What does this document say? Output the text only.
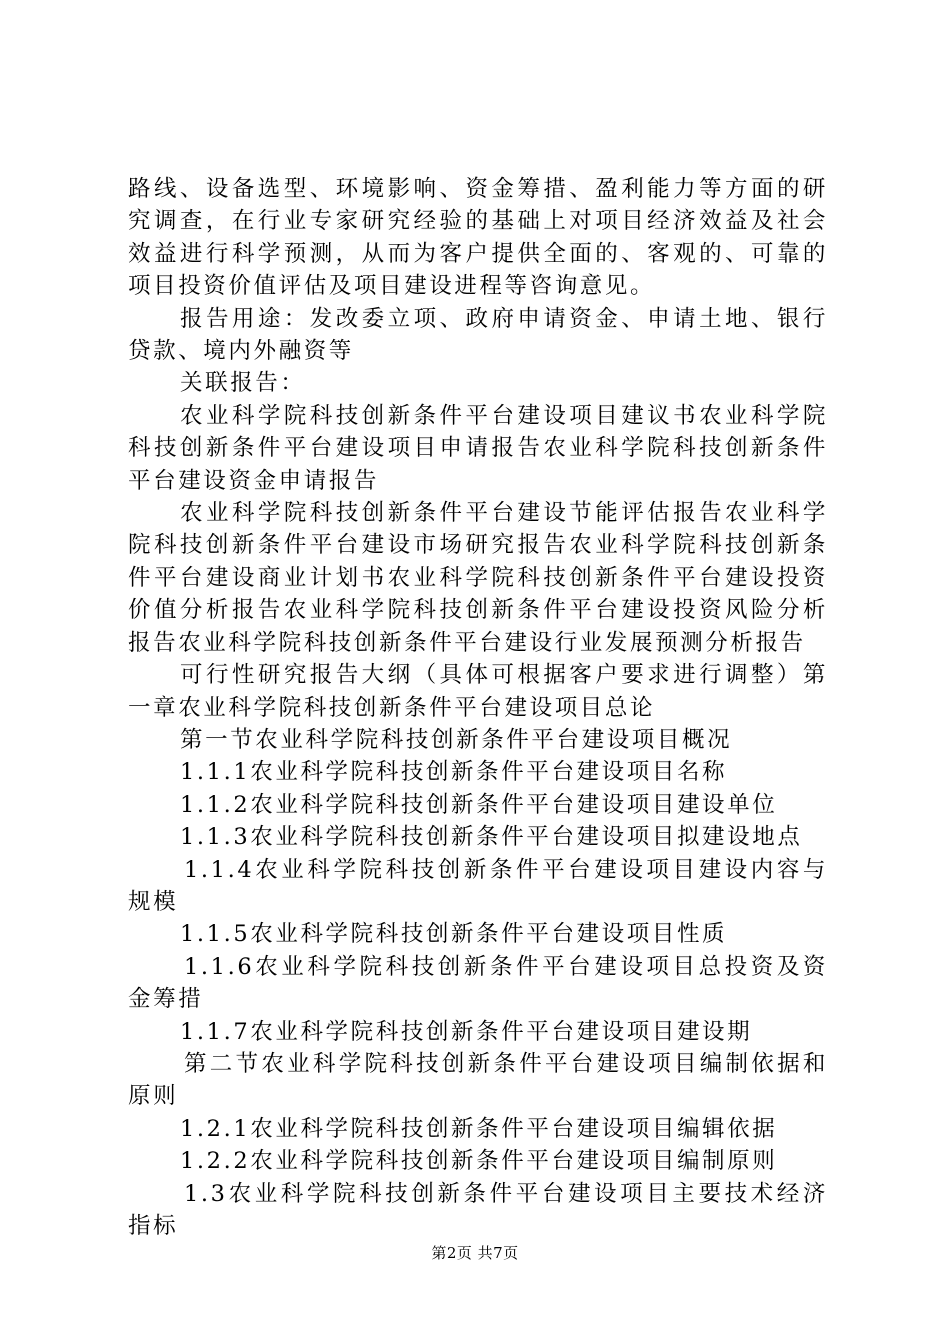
路线、设备选型、环境影响、资金筹措、盈利能力等方面的研究调查，在行业专家研究经验的基础上对项目经济效益及社会效益进行科学预测，从而为客户提供全面的、客观的、可靠的项目投资价值评估及项目建设进程等咨询意见。

报告用途：发改委立项、政府申请资金、申请土地、银行贷款、境内外融资等

关联报告：

农业科学院科技创新条件平台建设项目建议书农业科学院科技创新条件平台建设项目申请报告农业科学院科技创新条件平台建设资金申请报告

农业科学院科技创新条件平台建设节能评估报告农业科学院科技创新条件平台建设市场研究报告农业科学院科技创新条件平台建设商业计划书农业科学院科技创新条件平台建设投资价值分析报告农业科学院科技创新条件平台建设投资风险分析报告农业科学院科技创新条件平台建设行业发展预测分析报告

可行性研究报告大纲（具体可根据客户要求进行调整）第一章农业科学院科技创新条件平台建设项目总论

第一节农业科学院科技创新条件平台建设项目概况

1.1.1农业科学院科技创新条件平台建设项目名称

1.1.2农业科学院科技创新条件平台建设项目建设单位

1.1.3农业科学院科技创新条件平台建设项目拟建设地点

1.1.4农业科学院科技创新条件平台建设项目建设内容与规模

1.1.5农业科学院科技创新条件平台建设项目性质

1.1.6农业科学院科技创新条件平台建设项目总投资及资金筹措

1.1.7农业科学院科技创新条件平台建设项目建设期

第二节农业科学院科技创新条件平台建设项目编制依据和原则

1.2.1农业科学院科技创新条件平台建设项目编辑依据

1.2.2农业科学院科技创新条件平台建设项目编制原则

1.3农业科学院科技创新条件平台建设项目主要技术经济指标

第2页 共7页
